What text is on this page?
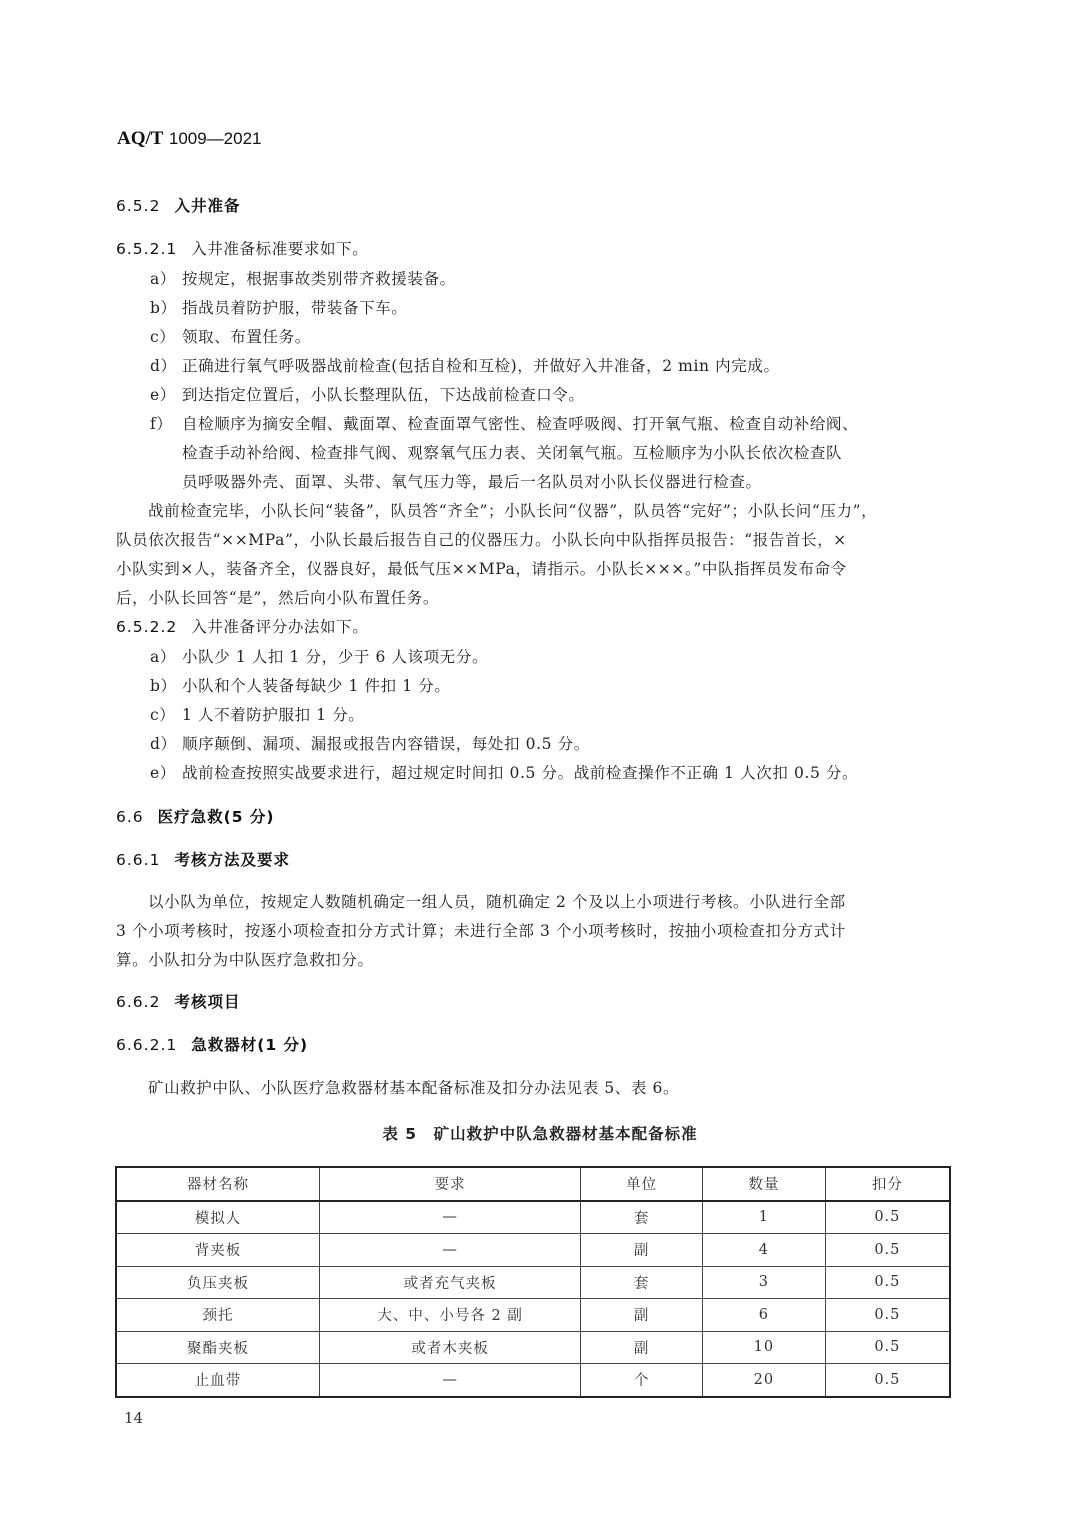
AQ/T 1009—2021
6.5.2 入井准备
6.5.2.1 入井准备标准要求如下。
a） 按规定，根据事故类别带齐救援装备。
b） 指战员着防护服，带装备下车。
c） 领取、布置任务。
d） 正确进行氧气呼吸器战前检查(包括自检和互检)，并做好入井准备，2 min 内完成。
e） 到达指定位置后，小队长整理队伍，下达战前检查口令。
f） 自检顺序为摘安全帽、戴面罩、检查面罩气密性、检查呼吸阀、打开氧气瓶、检查自动补给阀、
检查手动补给阀、检查排气阀、观察氧气压力表、关闭氧气瓶。互检顺序为小队长依次检查队
员呼吸器外壳、面罩、头带、氧气压力等，最后一名队员对小队长仪器进行检查。
战前检查完毕，小队长问“装备”，队员答“齐全”；小队长问“仪器”，队员答“完好”；小队长问“压力”，
队员依次报告“××MPa”，小队长最后报告自己的仪器压力。小队长向中队指挥员报告：“报告首长，×
小队实到×人，装备齐全，仪器良好，最低气压××MPa，请指示。小队长×××。”中队指挥员发布命令
后，小队长回答“是”，然后向小队布置任务。
6.5.2.2 入井准备评分办法如下。
a） 小队少 1 人扣 1 分，少于 6 人该项无分。
b） 小队和个人装备每缺少 1 件扣 1 分。
c） 1 人不着防护服扣 1 分。
d） 顺序颠倒、漏项、漏报或报告内容错误，每处扣 0.5 分。
e） 战前检查按照实战要求进行，超过规定时间扣 0.5 分。战前检查操作不正确 1 人次扣 0.5 分。
6.6 医疗急救(5 分)
6.6.1 考核方法及要求
以小队为单位，按规定人数随机确定一组人员，随机确定 2 个及以上小项进行考核。小队进行全部
3 个小项考核时，按逐小项检查扣分方式计算；未进行全部 3 个小项考核时，按抽小项检查扣分方式计
算。小队扣分为中队医疗急救扣分。
6.6.2 考核项目
6.6.2.1 急救器材(1 分)
矿山救护中队、小队医疗急救器材基本配备标准及扣分办法见表 5、表 6。
表 5　矿山救护中队急救器材基本配备标准
器材名称	要求	单位	数量	扣分
模拟人	—	套	1	0.5
背夹板	—	副	4	0.5
负压夹板	或者充气夹板	套	3	0.5
颈托	大、中、小号各 2 副	副	6	0.5
聚酯夹板	或者木夹板	副	10	0.5
止血带	—	个	20	0.5
14
